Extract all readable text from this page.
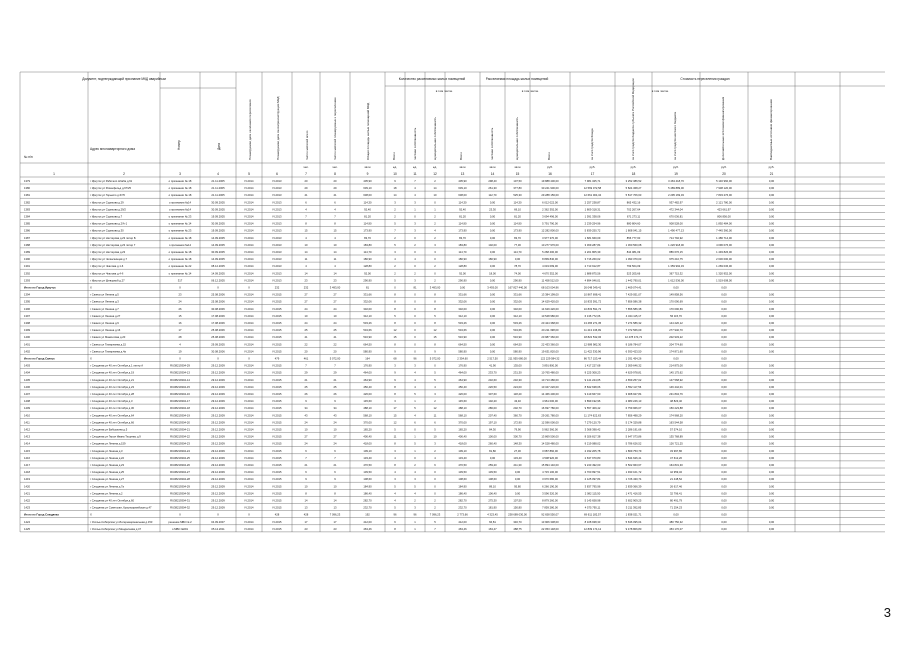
Документ, подтверждающий признание МКД аварийным
№ п/п
Адрес многоквартирного дома	Номер	Дата	Планируемая дата окончания переселения	Планируемая дата сноса/реконструкции МКД	Число жителей всего	Число жителей планируемых к переселению	Общая площадь жилых помещений МКД
Количество расселяемых жилых помещений
в том числе
Расселяемая площадь жилых помещений
в том числе
Стоимость переселения граждан
в том числе
Всего	частная собственность	муниципальная собственность	Всего	частная собственность	муниципальная собственность	Всего	за счет средств Фонда	за счет средств бюджета субъекта Российской Федерации	за счет средств местного бюджета	Дополнительные источники финансирования	Внебюджетные источники финансирования
чел.	чел.	кв.м	ед.	ед.	ед.	кв.м	кв.м	кв.м	руб.	руб.	руб.	руб.	руб.	руб.
1	2	3	4	5	6	7	8	9	10	11	12	13	14	15	16	17	18	19	20	21
1379	г Иркутск ул Рабочего Штаба д.61	о признании № 18	21.11.2005	IV.2014	IV.2013	20	20	405,90	9	7	2	405,90	298,40	107,50	19 888 400,00	7 981 325,71	3 252 386,52	3 463 418,76	5 146 960,00	0,00
1380	г Иркутск ул Розенфельд д.67/25	о признании № 18	21.11.2005	IV.2014	IV.2013	29	29	639,10	18	4	14	639,10	261,30	377,80	30 241 900,00	12 569 072,58	5 824 368,27	5 489 889,00	7 938 120,00	0,00
1381	г Иркутск ул Горького д.67/6	о признании № 18	21.11.2005	IV.2014	IV.2013	41	41	638,00	14	4	10	638,00	112,70	525,30	29 288 156,00	12 661 004,34	5 817 706,63	2 295 169,03	7 833 276,00	0,00
1382	г Иркутск ул Сурикова д.29	о признании №14	30.09.2005	IV.2014	IV.2013	6	6	114,30	3	3	0	114,30	0,00	114,30	6 012 022,00	2 257 238,87	865 432,16	937 482,97	2 121 780,00	0,00
1383	г Иркутск ул Сурикова д.29/2	о признании №14	30.09.2005	IV.2014	IV.2013	4	4	92,40	2	1	1	92,40	23,30	69,10	2 362 392,00	1 809 318,31	702 267,64	472 344,04	423 661,97	0,00
1384	г Иркутск ул Сурикова д.7	о признании № 23	19.09.2005	IV.2014	IV.2013	7	7	81,20	2	0	2	81,20	0,00	81,20	3 694 496,00	1 591 338,06	671 273,11	670 036,81	806 856,00	0,00
1385	г Иркутск ул Сурикова д.2/А-1	о признании № 14	30.09.2005	IV.2014	IV.2013	8	8	114,90	5	3	2	114,90	0,00	114,90	5 791 790,00	2 239 254,96	880 804,60	908 528,00	1 892 484,00	0,00
1386	г Иркутск ул Сурикова д.30	о признании № 23	19.09.2005	IV.2014	IV.2013	15	15	173,90	7	3	4	173,90	0,00	173,90	12 282 800,00	5 839 250,72	1 808 041,15	1 490 477,13	7 445 360,00	0,00
1387	г Иркутск ул Нестерова д.23 литер Б	о признании № 18	14.09.2005	IV.2014	IV.2013	4	4	83,70	2	0	2	83,70	0,00	83,70	3 977 370,00	1 681 660,09	856 777,00	714 792,92	1 486 714,00	0,00
1388	г Иркутск ул Нестерова д.23 литер Г	о признании №14	14.09.2005	IV.2014	IV.2013	10	10	183,80	5	2	3	183,80	102,00	77,30	10 277 976,00	3 369 287,84	1 360 560,08	1 226 918,00	4 096 076,00	0,00
1389	г Иркутск ул Нестерова д.23	о признании № 18	30.09.2005	IV.2014	IV.2013	14	14	114,70	3	0	3	114,70	0,00	114,70	5 268 400,00	2 201 805,39	844 081,09	886 676,15	1 493 826,00	0,00
1390	г Иркутск ул Челюскинцев д.7	о признании № 18	14.09.2005	IV.2014	IV.2013	11	11	180,90	4	4	0	180,90	180,90	0,00	8 899 840,00	3 716 260,02	1 093 370,03	975 210,75	2 630 000,00	0,00
1391	г Иркутск ул Чкалова д.1-6	о признании № 22	08.12.2005	IV.2014	IV.2013	4	4	128,80	2	0	2	128,80	0,00	78,70	4 019 099,00	2 713 912,87	799 564,09	1 359 992,33	1 269 036,00	0,00
1392	г Иркутск ул Чкалова д.4-б	о признании № 14	14.09.2005	IV.2014	IV.2013	14	14	92,00	2	2	0	92,00	18,00	74,00	4 670 352,00	1 888 875,56	523 205,66	367 715,32	1 320 952,00	0,00
1393	г Иркутск ул Шевцовой д.27	317	06.12.2005	IV.2014	IV.2013	23	23	290,90	5	3	2	290,90	0,00	290,90	11 458 512,00	4 894 046,01	1 442 790,01	1 612 536,00	1 519 608,00	0,00
Итого по Город Иркутск	X	X	X	X	232	232	3 493,00	81	0	81	3 493,00	0,00	3 493,00	167 827 440,00	68 103 004,96	26 048 349,41	1 469 074,41	0,00	0,00
1394	г Саянск ул Ленина д.5	23	25.08.2006	IV.2014	IV.2015	27	27	331,66	8	0	8	331,66	0,00	331,66	13 384 199,00	10 867 698,41	7 429 051,07	149 858,56	0,00	0,00
1395	г Саянск ул Ленина д.3	24	25.08.2006	IV.2014	IV.2015	27	27	332,06	8	0	8	332,06	0,00	332,06	14 629 420,00	10 833 591,72	7 856 586,38	170 090,69	0,00	0,00
1396	г Саянск ул Ленина д.7	26	30.08.2006	IV.2014	IV.2015	24	24	332,00	8	0	8	332,00	0,00	332,00	14 629 420,00	10 833 591,72	7 856 586,38	170 090,69	0,00	0,00
1397	г Саянск ул Ленина д.27	15	17.08.2006	IV.2014	IV.2015	10	10	312,10	5	0	5	312,10	0,00	312,10	10 548 980,00	6 136 772,06	4 344 115,17	56 115,76	0,00	0,00
1398	г Саянск ул Ленина д.9	16	17.08.2006	IV.2014	IV.2015	24	24	533,26	8	0	8	533,26	0,00	533,26	20 424 368,00	13 465 271,35	7 274 586,32	144 220,12	0,00	0,00
1399	г Саянск ул Ленина д.16	17	25.08.2006	IV.2014	IV.2015	25	25	534,66	12	0	12	534,66	0,00	534,66	20 211 398,00	11 413 136,99	7 372 566,09	277 940,70	0,00	0,00
1400	г Саянск ул Мамонтова д.20	28	25.08.2006	IV.2014	IV.2015	41	41	516,90	15	0	15	516,90	0,00	516,90	20 987 360,00	18 822 532,06	12 478 474,72	202 933,22	0,00	0,00
1401	г Саянск ул Тимирязева д.15	4	29.09.2005	IV.2014	IV.2015	22	22	664,50	8	0	8	664,50	0,00	664,50	22 433 360,00	12 989 982,30	9 186 784,07	204 774,60	0,00	0,00
1402	г Саянск ул Тимирязева д.4а	19	30.08.2006	IV.2014	IV.2015	20	20	580,90	9	0	9	580,90	0,00	580,90	19 631 820,00	11 422 330,96	6 930 423,50	174 871,60	0,00	0,00
Итого по Город Саянск	X	X	X	X	479	461	5 072,00	164	68	96	5 072,00	2 354,60	2 517,50	211 955 680,00	122 229 584,32	86 717 153,44	1 031 454,26	0,00	0,00
1403	г Слюдянка ул 40 лет Октября д.1 литер А	RU38219304-29	29.12.2009	IV.2014	IV.2015	7	7	176,90	3	3	0	176,90	41,90	135,00	3 891 800,00	1 417 227,68	2 059 646,32	214 875,00	0,00	0,00
1404	г Слюдянка ул 40 лет Октября д.19	RU38219304-13	29.12.2009	IV.2014	IV.2015	29	29	464,00	9	4	5	464,00	233,70	231,30	10 765 480,00	9 225 308,23	4 629 978,81	145 175,62	0,00	0,00
1405	г Слюдянка ул 40 лет Октября д.21	RU38219304-14	29.12.2009	IV.2014	IV.2015	21	21	464,90	9	4	5	464,90	232,60	232,30	10 713 480,00	9 141 224,05	4 659 257,02	147 568,92	0,00	0,00
1406	г Слюдянка ул 40 лет Октября д.23	RU38219304-15	29.12.2009	IV.2014	IV.2015	25	25	450,40	8	4	4	450,40	226,50	224,00	10 347 220,00	8 842 638,06	4 552 117,56	146 442,01	0,00	0,00
1407	г Слюдянка ул 40 лет Октября д.28	RU38219304-16	29.12.2009	IV.2014	IV.2015	26	26	426,00	8	5	3	426,00	307,60	118,40	14 466 400,00	9 419 667,60	3 908 927,84	231 804,76	0,00	0,00
1408	г Слюдянка ул 40 лет Октября д.3	RU38219304-17	29.12.2009	IV.2014	IV.2015	9	9	145,60	3	1	2	145,60	102,20	43,40	4 961 000,00	3 899 192,96	2 983 246,13	48 823,40	0,00	0,00
1409	г Слюдянка ул 40 лет Октября д.30	RU38219304-18	29.12.2009	IV.2014	IV.2015	34	34	488,10	17	5	12	488,10	286,00	202,70	16 697 780,00	9 557 409,42	6 759 966,07	150 223,88	0,00	0,00
1410	г Слюдянка ул 40 лет Октября д.64	RU38219304-19	29.12.2009	IV.2014	IV.2015	43	43	568,10	15	4	11	568,10	207,40	360,70	29 261 780,00	11 174 622,63	7 856 498,29	174 968,20	0,00	0,00
1411	г Слюдянка ул 40 лет Октября д.66	RU38219304-20	29.12.2009	IV.2014	IV.2015	24	24	370,00	12	6	6	370,00	197,10	172,90	12 596 000,00	7 279 120,79	5 174 329,88	163 544,58	0,00	0,00
1412	г Слюдянка ул Бабушкина д.5	RU38219304-21	29.12.2009	IV.2014	IV.2015	10	10	165,20	5	0	5	165,20	84,30	79,90	5 962 360,00	3 368 398,42	2 286 191,66	57 574,10	0,00	0,00
1413	г Слюдянка ул Героя Ивана Тищенко д.9	RU38219304-22	29.12.2009	IV.2014	IV.2015	27	27	400,40	11	1	10	400,40	100,00	300,70	13 869 500,00	8 026 817,38	5 647 073,86	135 768,89	0,00	0,00
1414	г Слюдянка ул Ленина д.159	RU38219304-23	29.12.2009	IV.2014	IV.2015	24	24	418,00	8	5	3	418,00	260,40	148,30	14 528 480,00	9 219 088,02	5 786 626,52	126 721,25	0,00	0,00
1415	г Слюдянка ул Ленина д.3	RU38219304-24	29.12.2009	IV.2014	IV.2015	6	6	109,10	3	1	2	109,10	81,80	27,30	3 687 860,00	2 332 205,78	1 869 753,79	33 997,86	0,00	0,00
1416	г Слюдянка ул Ленина д.22	RU38219304-25	29.12.2009	IV.2014	IV.2015	7	7	133,40	4	0	4	133,40	0,00	133,40	4 508 920,00	2 637 970,80	1 844 626,41	47 612,20	0,00	0,00
1417	г Слюдянка ул Ленина д.23	RU38219304-26	29.12.2009	IV.2014	IV.2015	21	21	470,50	8	2	6	470,50	259,20	211,30	15 894 140,00	9 243 492,00	6 502 963,67	164 831,30	0,00	0,00
1418	г Слюдянка ул Ленина д.25	RU38219304-27	29.12.2009	IV.2014	IV.2015	6	6	139,50	4	4	0	139,50	139,50	0,00	4 715 100,00	2 700 997,51	1 933 101,72	42 959,32	0,00	0,00
1419	г Слюдянка ул Ленина д.27	RU38219304-28	29.12.2009	IV.2014	IV.2015	9	9	108,60	3	3	0	108,60	108,60	0,00	3 670 680,00	2 125 097,84	1 726 430,74	21 448,52	0,00	0,00
1420	г Слюдянка ул Ленина д.7а	RU38219304-29	29.12.2009	IV.2014	IV.2015	10	10	184,90	5	5	0	184,90	89,10	95,80	6 266 190,00	3 837 795,96	2 839 366,39	26 617,46	0,00	0,00
1421	г Слюдянка ул Ленина д.2	RU38219304-30	29.12.2009	IV.2014	IV.2015	8	8	186,40	4	4	0	186,40	106,40	0,00	3 596 320,00	2 082 115,50	1 471 416,55	32 796,41	0,00	0,00
1422	г Слюдянка ул 40 лет Октября д.60	RU38219304-31	29.12.2009	IV.2014	IV.2015	14	14	282,70	4	2	2	282,70	275,30	107,50	8 879 260,00	5 145 658,98	3 652 909,25	80 491,79	0,00	0,00
1423	г Слюдянка ул Советская, Красноармейская д.47	RU38219304-32	29.12.2009	IV.2014	IV.2015	13	13	232,70	5	3	2	232,70	181,90	150,80	7 859 280,00	4 575 795,11	3 211 392,85	71 254,23	0,00	0,00
Итого по Город Слюдянка	X	X	X	X	428	428	7 096,23	192	96	96	7 096,23	2 773,66	4 323,45	238 689 030,00	92 658 550,07	69 611 182,57	1 838 021,71	0,00	0,00
1424	г Усолье-Сибирское ул Интернациональная д.153	решение МВК № 2	04.09.2007	IV.2014	IV.2015	17	17	412,00	6	1	5	412,00	66,81	346,70	13 906 338,00	8 108 938,33	5 636 095,04	480 750,32	0,00	0,00
1425	г Усолье-Сибирское ул Менделеева д.47	о МВК №091	05.12.2011	IV.2014	IV.2015	23	23	463,46	8	1	7	463,46	163,47	488,75	22 053 148,00	12 839 174,12	9 478 806,80	453 170,07	0,00	0,00
3
